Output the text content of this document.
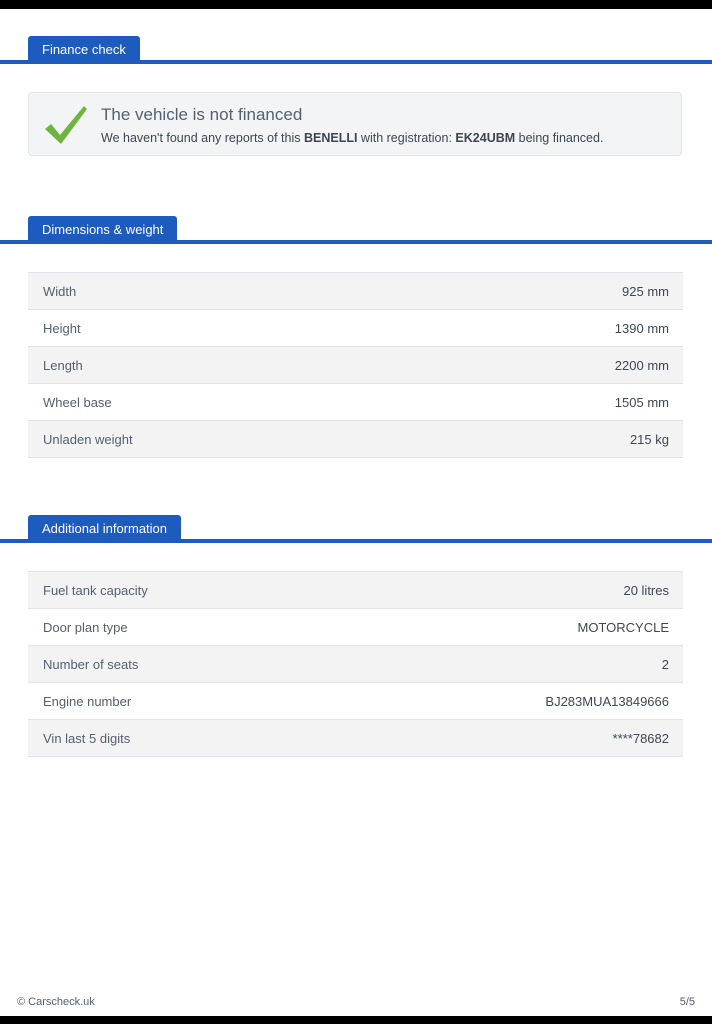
Finance check
The vehicle is not financed
We haven't found any reports of this BENELLI with registration: EK24UBM being financed.
Dimensions & weight
Width	925 mm
Height	1390 mm
Length	2200 mm
Wheel base	1505 mm
Unladen weight	215 kg
Additional information
Fuel tank capacity	20 litres
Door plan type	MOTORCYCLE
Number of seats	2
Engine number	BJ283MUA13849666
Vin last 5 digits	****78682
© Carscheck.uk	5/5
